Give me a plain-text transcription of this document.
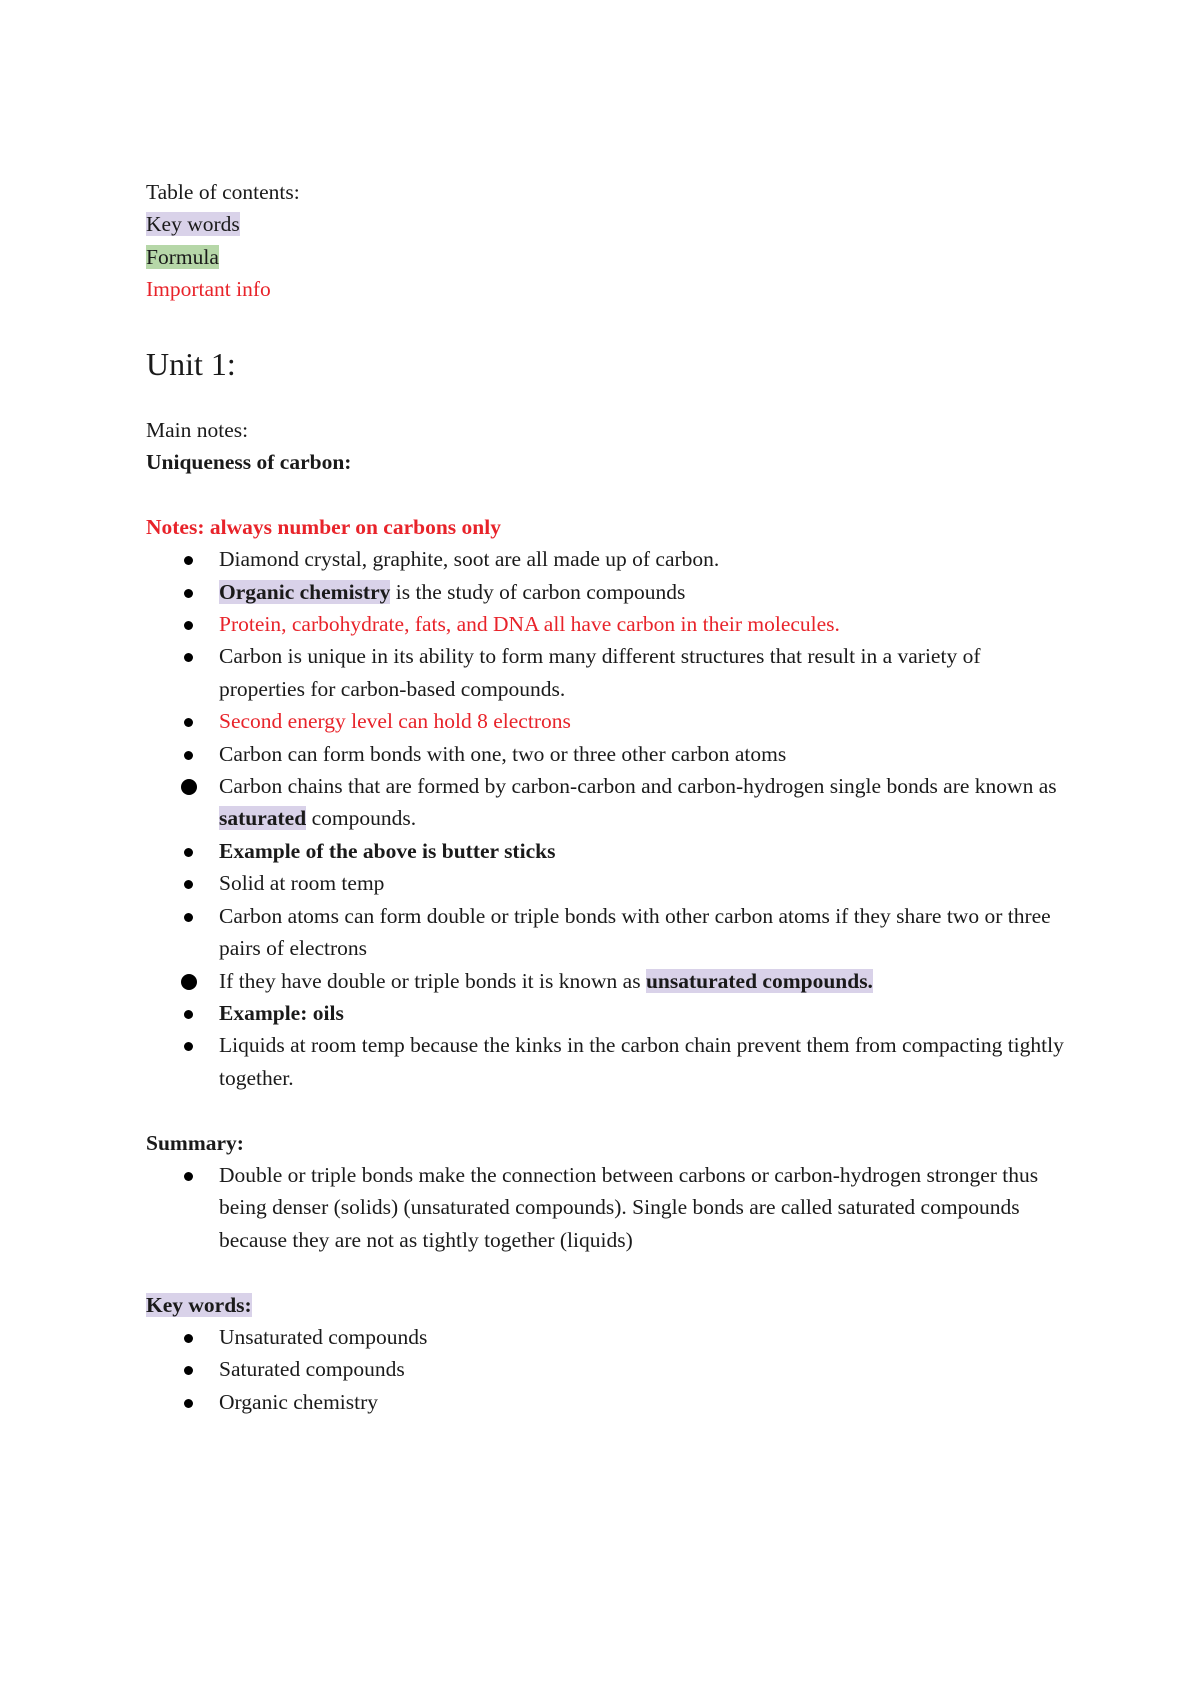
Table of contents:

Key words

Formula

Important info

Unit 1:

Main notes:

Uniqueness of carbon:

Notes: always number on carbons only

Diamond crystal, graphite, soot are all made up of carbon.
Organic chemistry is the study of carbon compounds
Protein, carbohydrate, fats, and DNA all have carbon in their molecules.
Carbon is unique in its ability to form many different structures that result in a variety of properties for carbon-based compounds.
Second energy level can hold 8 electrons
Carbon can form bonds with one, two or three other carbon atoms
Carbon chains that are formed by carbon-carbon and carbon-hydrogen single bonds are known as saturated compounds.
Example of the above is butter sticks
Solid at room temp
Carbon atoms can form double or triple bonds with other carbon atoms if they share two or three pairs of electrons
If they have double or triple bonds it is known as unsaturated compounds.
Example: oils
Liquids at room temp because the kinks in the carbon chain prevent them from compacting tightly together.

Summary:

Double or triple bonds make the connection between carbons or carbon-hydrogen stronger thus being denser (solids) (unsaturated compounds). Single bonds are called saturated compounds because they are not as tightly together (liquids)

Key words:

Unsaturated compounds
Saturated compounds
Organic chemistry
